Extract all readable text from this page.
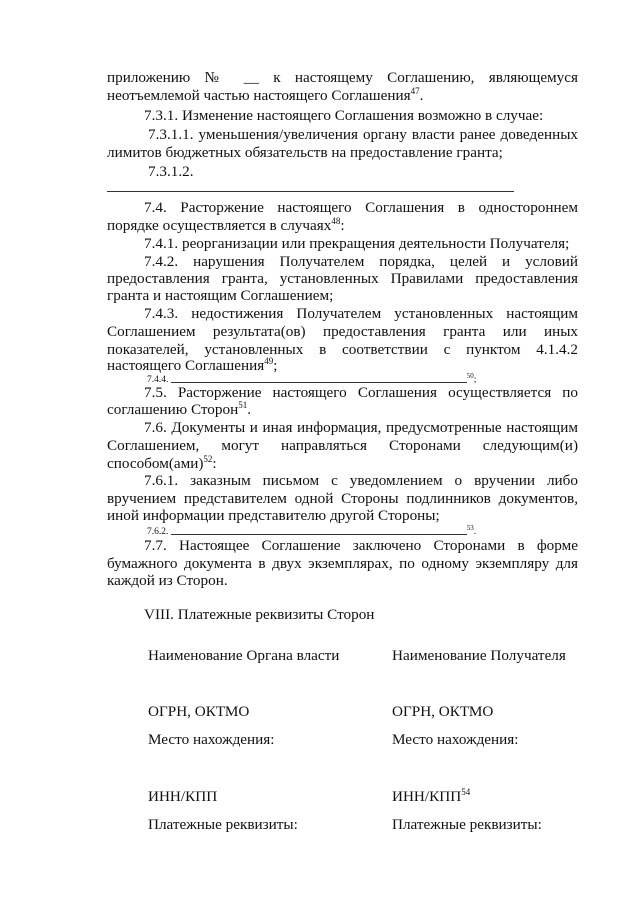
приложению № __ к настоящему Соглашению, являющемуся
неотъемлемой частью настоящего Соглашения$^{47}$.
7.3.1. Изменение настоящего Соглашения возможно в случае:
7.3.1.1. уменьшения/увеличения органу власти ранее доведенных
лимитов бюджетных обязательств на предоставление гранта;
7.3.1.2.
7.4. Расторжение настоящего Соглашения в одностороннем
порядке осуществляется в случаях$^{48}$:
7.4.1. реорганизации или прекращения деятельности Получателя;
7.4.2. нарушения Получателем порядка, целей и условий
предоставления гранта, установленных Правилами предоставления
гранта и настоящим Соглашением;
7.4.3. недостижения Получателем установленных настоящим
Соглашением результата(ов) предоставления гранта или иных
показателей, установленных в соответствии с пунктом 4.1.4.2
настоящего Соглашения$^{49}$;
7.4.4.	$^{50}$;
7.5. Расторжение настоящего Соглашения осуществляется по
соглашению Сторон$^{51}$.
7.6. Документы и иная информация, предусмотренные настоящим
Соглашением, могут направляться Сторонами следующим(и)
способом(ами)$^{52}$:
7.6.1. заказным письмом с уведомлением о вручении либо
вручением представителем одной Стороны подлинников документов,
иной информации представителю другой Стороны;
7.6.2.	$^{53}$.
7.7. Настоящее Соглашение заключено Сторонами в форме
бумажного документа в двух экземплярах, по одному экземпляру для
каждой из Сторон.
VIII. Платежные реквизиты Сторон
Наименование Органа власти	Наименование Получателя
ОГРН, ОКТМО	ОГРН, ОКТМО
Место нахождения:	Место нахождения:
ИНН/КПП	ИНН/КПП$^{54}$
Платежные реквизиты:	Платежные реквизиты:
